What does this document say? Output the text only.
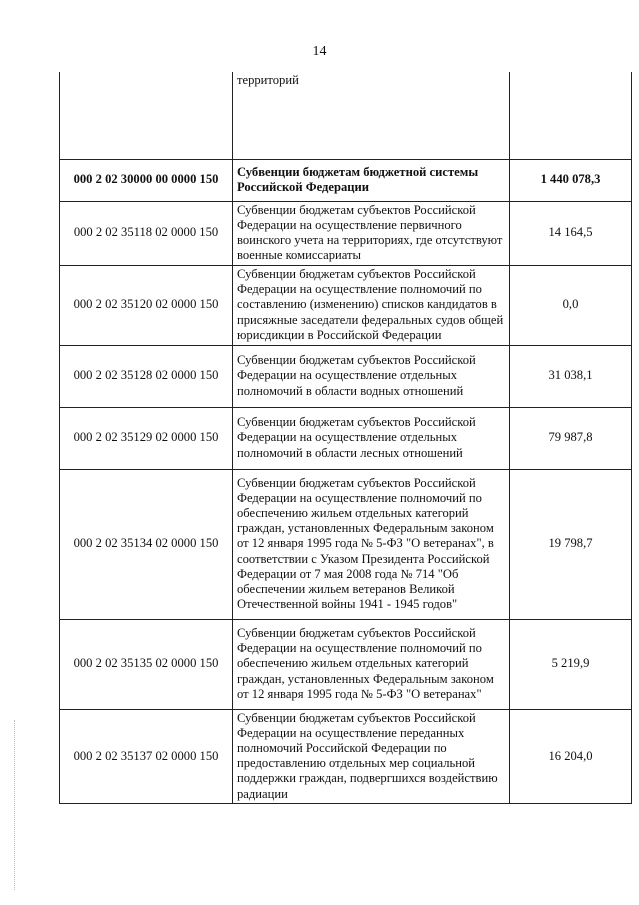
14
	территорий	
000 2 02 30000 00 0000 150	Субвенции бюджетам бюджетной системы Российской Федерации	1 440 078,3
000 2 02 35118 02 0000 150	Субвенции бюджетам субъектов Российской Федерации на осуществление первичного воинского учета на территориях, где отсутствуют военные комиссариаты	14 164,5
000 2 02 35120 02 0000 150	Субвенции бюджетам субъектов Российской Федерации на осуществление полномочий по составлению (изменению) списков кандидатов в присяжные заседатели федеральных судов общей юрисдикции в Российской Федерации	0,0
000 2 02 35128 02 0000 150	Субвенции бюджетам субъектов Российской Федерации на осуществление отдельных полномочий в области водных отношений	31 038,1
000 2 02 35129 02 0000 150	Субвенции бюджетам субъектов Российской Федерации на осуществление отдельных полномочий в области лесных отношений	79 987,8
000 2 02 35134 02 0000 150	Субвенции бюджетам субъектов Российской Федерации на осуществление полномочий по обеспечению жильем отдельных категорий граждан, установленных Федеральным законом от 12 января 1995 года № 5-ФЗ "О ветеранах", в соответствии с Указом Президента Российской Федерации от 7 мая 2008 года № 714 "Об обеспечении жильем ветеранов Великой Отечественной войны 1941 - 1945 годов"	19 798,7
000 2 02 35135 02 0000 150	Субвенции бюджетам субъектов Российской Федерации на осуществление полномочий по обеспечению жильем отдельных категорий граждан, установленных Федеральным законом от 12 января 1995 года № 5-ФЗ "О ветеранах"	5 219,9
000 2 02 35137 02 0000 150	Субвенции бюджетам субъектов Российской Федерации на осуществление переданных полномочий Российской Федерации по предоставлению отдельных мер социальной поддержки граждан, подвергшихся воздействию радиации	16 204,0
